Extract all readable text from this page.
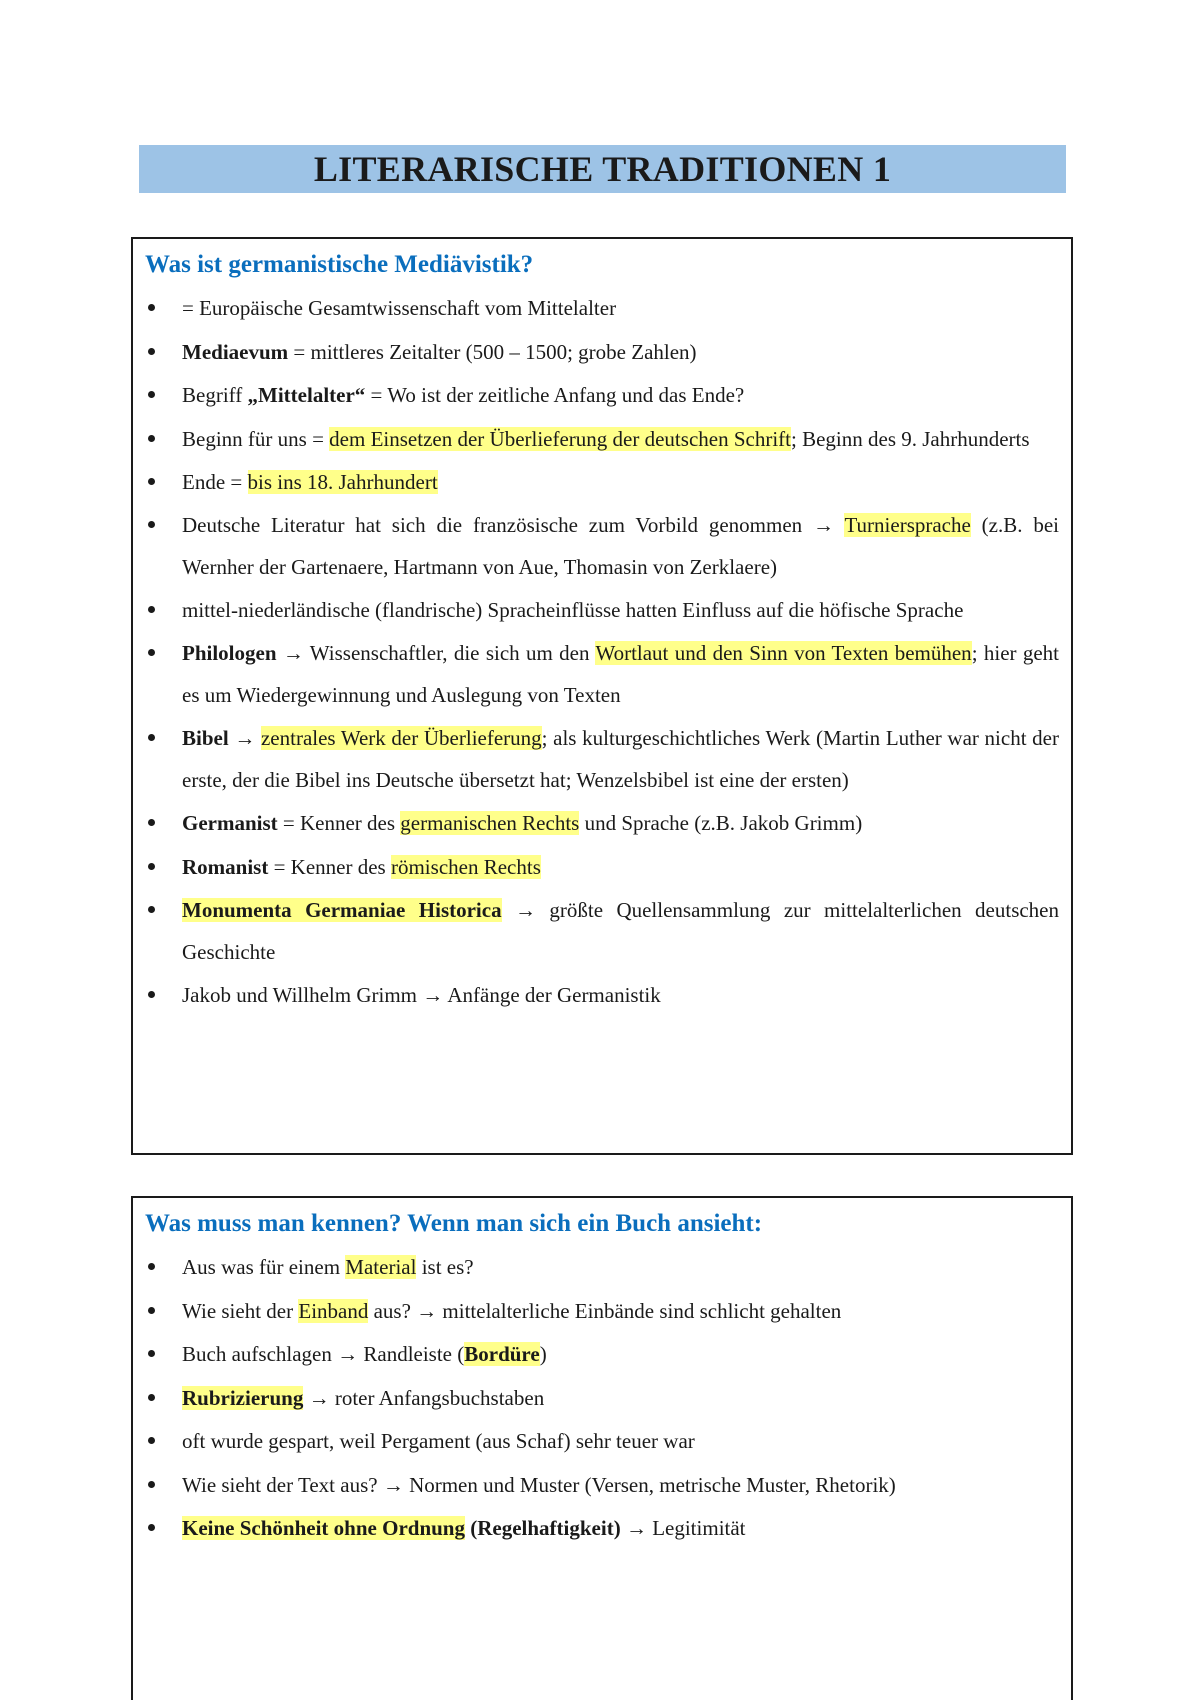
LITERARISCHE TRADITIONEN 1
Was ist germanistische Mediävistik?
= Europäische Gesamtwissenschaft vom Mittelalter
Mediaevum = mittleres Zeitalter (500 – 1500; grobe Zahlen)
Begriff „Mittelalter“ = Wo ist der zeitliche Anfang und das Ende?
Beginn für uns = dem Einsetzen der Überlieferung der deutschen Schrift; Beginn des 9. Jahrhunderts
Ende = bis ins 18. Jahrhundert
Deutsche Literatur hat sich die französische zum Vorbild genommen → Turniersprache (z.B. bei Wernher der Gartenaere, Hartmann von Aue, Thomasin von Zerklaere)
mittel-niederländische (flandrische) Spracheinflüsse hatten Einfluss auf die höfische Sprache
Philologen → Wissenschaftler, die sich um den Wortlaut und den Sinn von Texten bemühen; hier geht es um Wiedergewinnung und Auslegung von Texten
Bibel → zentrales Werk der Überlieferung; als kulturgeschichtliches Werk (Martin Luther war nicht der erste, der die Bibel ins Deutsche übersetzt hat; Wenzelsbibel ist eine der ersten)
Germanist = Kenner des germanischen Rechts und Sprache (z.B. Jakob Grimm)
Romanist = Kenner des römischen Rechts
Monumenta Germaniae Historica → größte Quellensammlung zur mittelalterlichen deutschen Geschichte
Jakob und Willhelm Grimm → Anfänge der Germanistik
Was muss man kennen? Wenn man sich ein Buch ansieht:
Aus was für einem Material ist es?
Wie sieht der Einband aus? → mittelalterliche Einbände sind schlicht gehalten
Buch aufschlagen → Randleiste (Bordüre)
Rubrizierung → roter Anfangsbuchstaben
oft wurde gespart, weil Pergament (aus Schaf) sehr teuer war
Wie sieht der Text aus? → Normen und Muster (Versen, metrische Muster, Rhetorik)
Keine Schönheit ohne Ordnung (Regelhaftigkeit) → Legitimität
